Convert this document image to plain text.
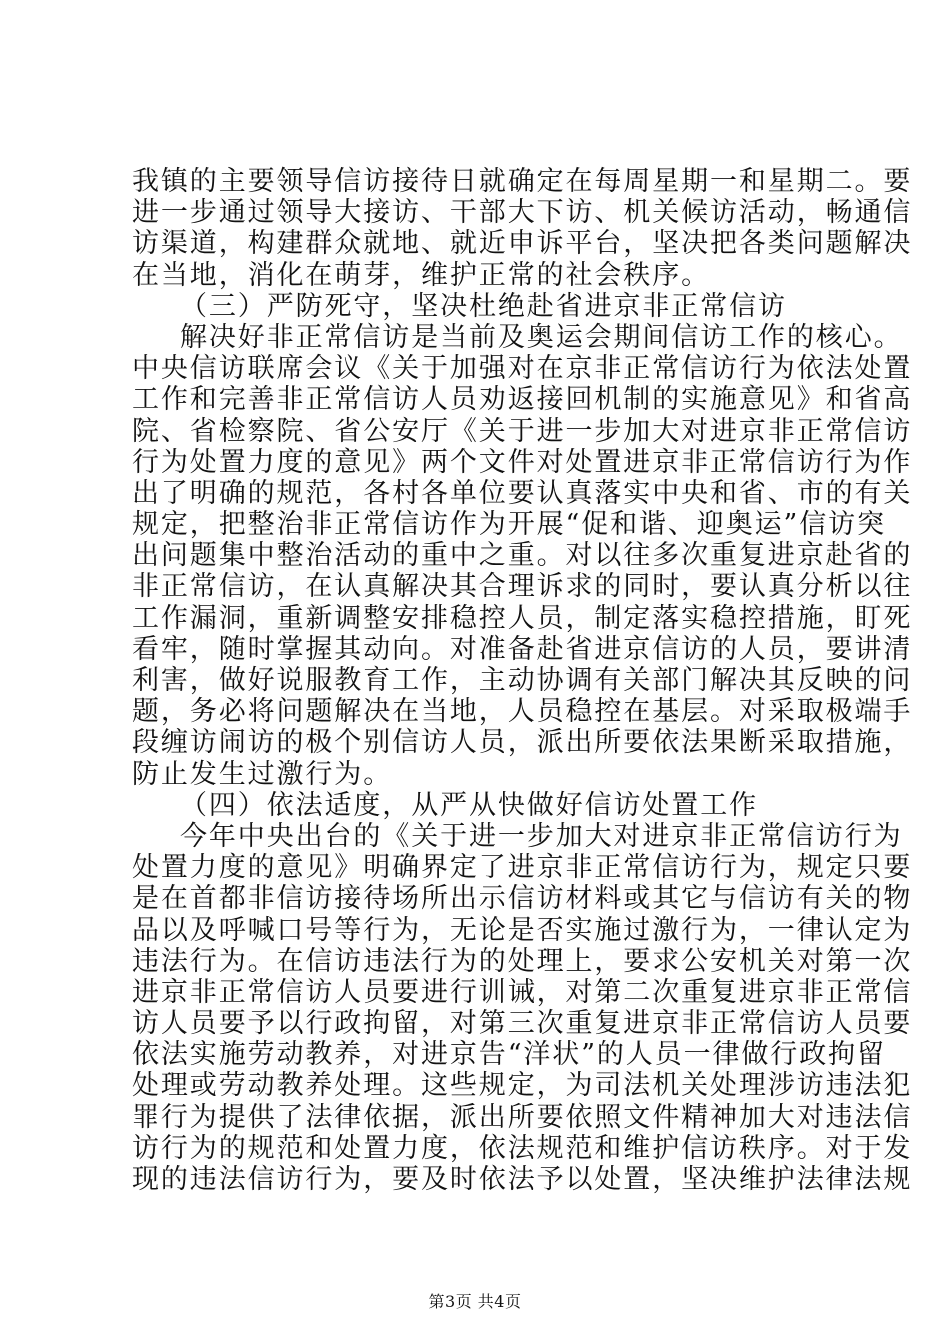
我镇的主要领导信访接待日就确定在每周星期一和星期二。要
进一步通过领导大接访、干部大下访、机关候访活动，畅通信
访渠道，构建群众就地、就近申诉平台，坚决把各类问题解决
在当地，消化在萌芽，维护正常的社会秩序。
（三）严防死守，坚决杜绝赴省进京非正常信访
解决好非正常信访是当前及奥运会期间信访工作的核心。
中央信访联席会议《关于加强对在京非正常信访行为依法处置
工作和完善非正常信访人员劝返接回机制的实施意见》和省高
院、省检察院、省公安厅《关于进一步加大对进京非正常信访
行为处置力度的意见》两个文件对处置进京非正常信访行为作
出了明确的规范，各村各单位要认真落实中央和省、市的有关
规定，把整治非正常信访作为开展“促和谐、迎奥运”信访突
出问题集中整治活动的重中之重。对以往多次重复进京赴省的
非正常信访，在认真解决其合理诉求的同时，要认真分析以往
工作漏洞，重新调整安排稳控人员，制定落实稳控措施，盯死
看牢，随时掌握其动向。对准备赴省进京信访的人员，要讲清
利害，做好说服教育工作，主动协调有关部门解决其反映的问
题，务必将问题解决在当地，人员稳控在基层。对采取极端手
段缠访闹访的极个别信访人员，派出所要依法果断采取措施，
防止发生过激行为。
（四）依法适度，从严从快做好信访处置工作
今年中央出台的《关于进一步加大对进京非正常信访行为
处置力度的意见》明确界定了进京非正常信访行为，规定只要
是在首都非信访接待场所出示信访材料或其它与信访有关的物
品以及呼喊口号等行为，无论是否实施过激行为，一律认定为
违法行为。在信访违法行为的处理上，要求公安机关对第一次
进京非正常信访人员要进行训诫，对第二次重复进京非正常信
访人员要予以行政拘留，对第三次重复进京非正常信访人员要
依法实施劳动教养，对进京告“洋状”的人员一律做行政拘留
处理或劳动教养处理。这些规定，为司法机关处理涉访违法犯
罪行为提供了法律依据，派出所要依照文件精神加大对违法信
访行为的规范和处置力度，依法规范和维护信访秩序。对于发
现的违法信访行为，要及时依法予以处置，坚决维护法律法规
第3页 共4页
